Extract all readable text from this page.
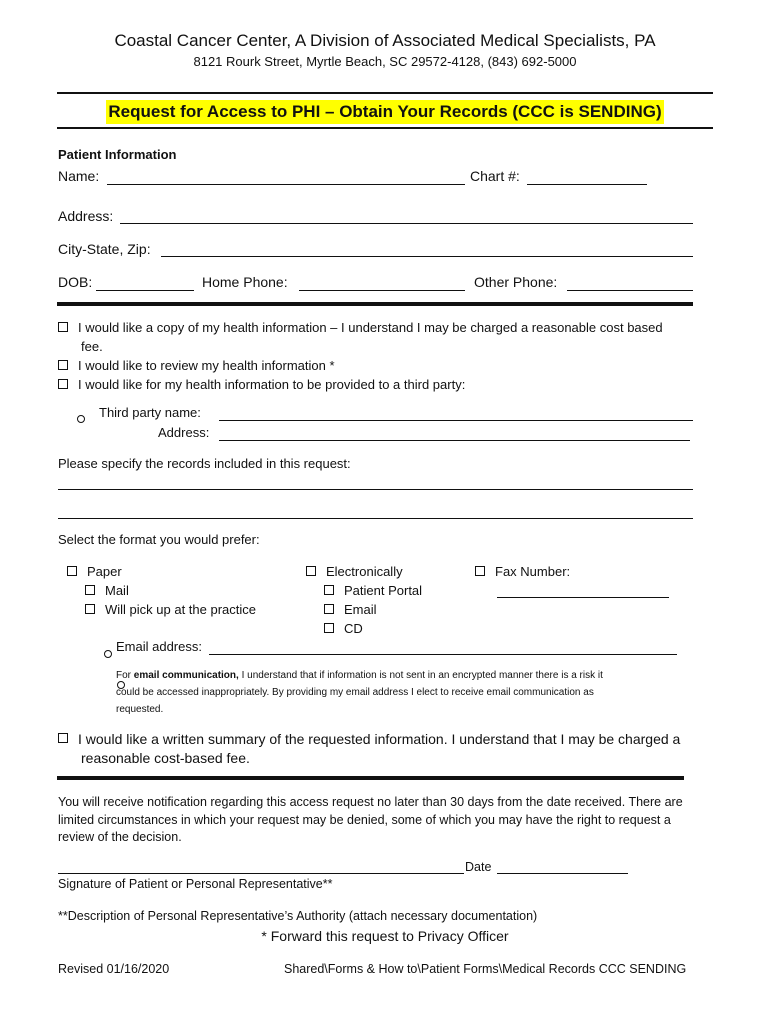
Coastal Cancer Center, A Division of Associated Medical Specialists, PA
8121 Rourk Street, Myrtle Beach, SC 29572-4128, (843) 692-5000
Request for Access to PHI – Obtain Your Records (CCC is SENDING)
Patient Information
Name:	Chart #:
Address:
City-State, Zip:
DOB:	Home Phone:	Other Phone:
I would like a copy of my health information – I understand I may be charged a reasonable cost based
fee.
I would like to review my health information *
I would like for my health information to be provided to a third party:

Third party name:
Address:
Please specify the records included in this request:
Select the format you would prefer:
Paper
Mail
Will pick up at the practice
Electronically
Patient Portal
Email
CD
Fax Number:

Email address:
For email communication, I understand that if information is not sent in an encrypted manner there is a risk it
could be accessed inappropriately. By providing my email address I elect to receive email communication as
requested.
I would like a written summary of the requested information. I understand that I may be charged a
reasonable cost-based fee.
You will receive notification regarding this access request no later than 30 days from the date received. There are
limited circumstances in which your request may be denied, some of which you may have the right to request a
review of the decision.
Date
Signature of Patient or Personal Representative**
**Description of Personal Representative’s Authority (attach necessary documentation)
* Forward this request to Privacy Officer
Revised 01/16/2020	Shared\Forms & How to\Patient Forms\Medical Records CCC SENDING
